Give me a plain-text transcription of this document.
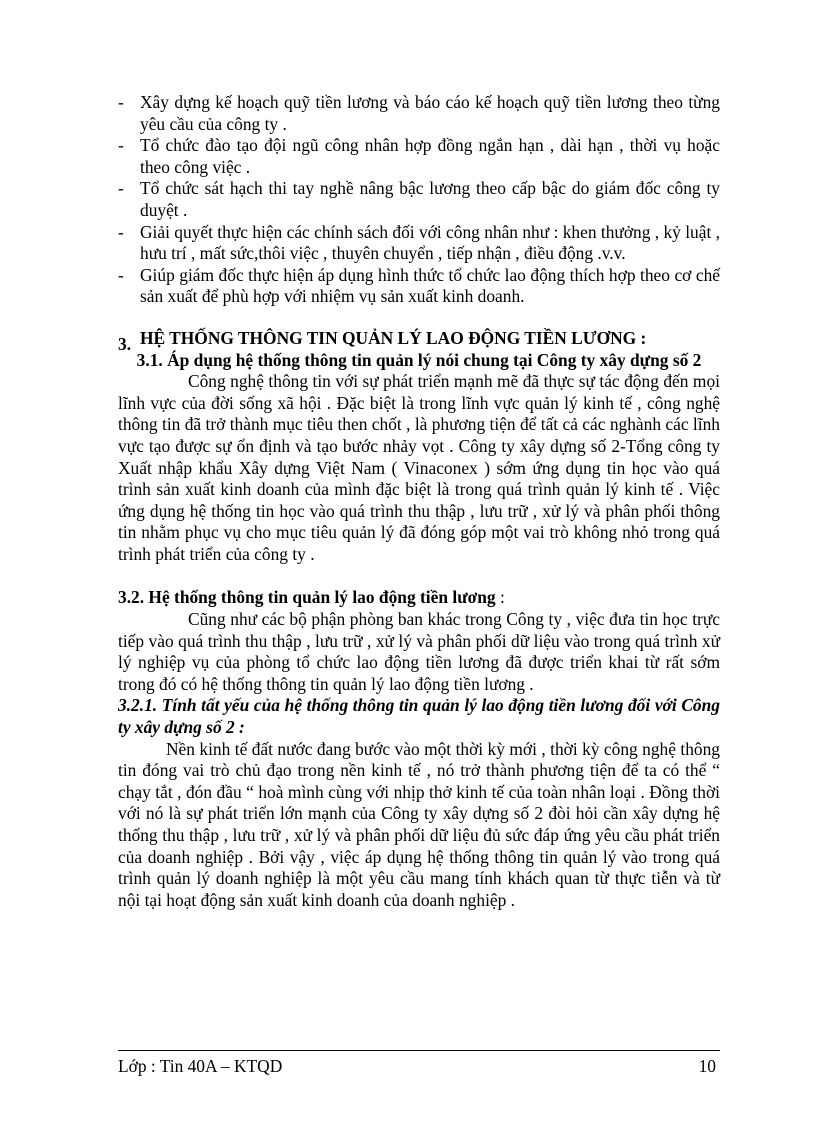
- Xây dựng kế hoạch quỹ tiền lương và báo cáo kế hoạch quỹ tiền lương theo từng yêu cầu của công ty .
- Tổ chức đào tạo đội ngũ công nhân hợp đồng ngắn hạn , dài hạn , thời vụ hoặc theo công việc .
- Tổ chức sát hạch thi tay nghề nâng bậc lương theo cấp bậc do giám đốc công ty duyệt .
- Giải quyết thực hiện các chính sách đối với công nhân như : khen thưởng , kỷ luật , hưu trí , mất sức,thôi việc , thuyên chuyển , tiếp nhận , điều động .v.v.
- Giúp giám đốc thực hiện áp dụng hình thức tổ chức lao động thích hợp theo cơ chế sản xuất để phù hợp với nhiệm vụ sản xuất kinh doanh.
3. HỆ THỐNG THÔNG TIN QUẢN LÝ LAO ĐỘNG TIỀN LƯƠNG :
3.1. Áp dụng hệ thống thông tin quản lý nói chung tại Công ty xây dựng số 2

Công nghệ thông tin với sự phát triển mạnh mẽ đã thực sự tác động đến mọi lĩnh vực của đời sống xã hội . Đặc biệt là trong lĩnh vực quản lý kinh tế , công nghệ thông tin đã trở thành mục tiêu then chốt , là phương tiện để tất cả các nghành các lĩnh vực tạo được sự ổn định và tạo bước nhảy vọt . Công ty xây dựng số 2-Tổng công ty Xuất nhập khẩu Xây dựng Việt Nam ( Vinaconex ) sớm ứng dụng tin học vào quá trình sản xuất kinh doanh của mình đặc biệt là trong quá trình quản lý kinh tế . Việc ứng dụng hệ thống tin học vào quá trình thu thập , lưu trữ , xử lý và phân phối thông tin nhằm phục vụ cho mục tiêu quản lý đã đóng góp một vai trò không nhỏ trong quá trình phát triển của công ty .

3.2. Hệ thống thông tin quản lý lao động tiền lương :

Cũng như các bộ phận phòng ban khác trong Công ty , việc đưa tin học trực tiếp vào quá trình thu thập , lưu trữ , xử lý và phân phối dữ liệu vào trong quá trình xử lý nghiệp vụ của phòng tổ chức lao động tiền lương đã được triển khai từ rất sớm trong đó có hệ thống thông tin quản lý lao động tiền lương .

3.2.1. Tính tất yếu của hệ thống thông tin quản lý lao động tiền lương đối với Công ty xây dựng số 2 :

Nền kinh tế đất nước đang bước vào một thời kỳ mới , thời kỳ công nghệ thông tin đóng vai trò chủ đạo trong nền kinh tế , nó trở thành phương tiện để ta có thể “ chạy tắt , đón đầu “ hoà mình cùng với nhịp thở kinh tế của toàn nhân loại . Đồng thời với nó là sự phát triển lớn mạnh của Công ty xây dựng số 2 đòi hỏi cần xây dựng hệ thống thu thập , lưu trữ , xử lý và phân phối dữ liệu đủ sức đáp ứng yêu cầu phát triển của doanh nghiệp . Bởi vậy , việc áp dụng hệ thống thông tin quản lý vào trong quá trình quản lý doanh nghiệp là một yêu cầu mang tính khách quan từ thực tiễn và từ nội tại hoạt động sản xuất kinh doanh của doanh nghiệp .

Lớp : Tin 40A – KTQD	10
